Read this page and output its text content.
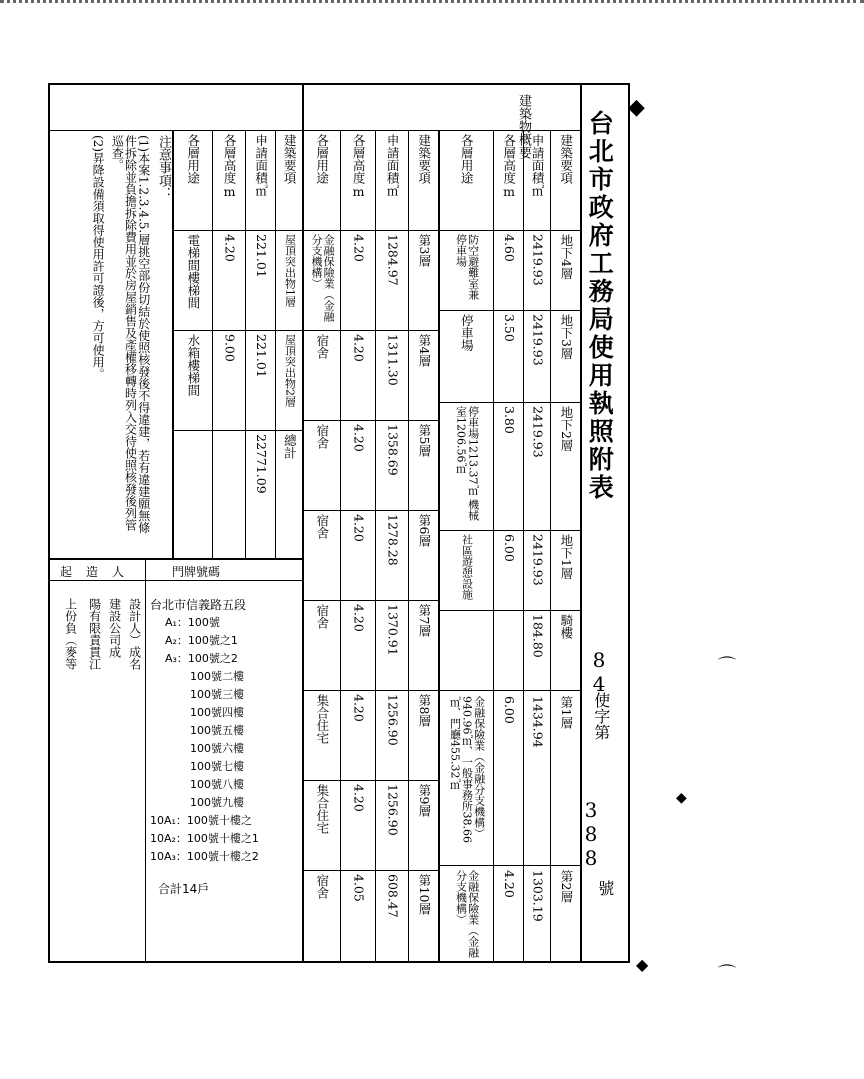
台北市政府工務局使用執照附表
84
使字第
388
號
建築物概要 建築要項
申請面積㎡
各層高度m
各層用途
地下4層
2419.93
4.60
防空避難室兼停車場
地下3層
2419.93
3.50
停車場
地下2層
2419.93
3.80
停車場1213.37㎡ 機械室1206.56㎡
地下1層
2419.93
6.00
社區遊憩設施
騎樓
184.80
第1層
1434.94
6.00
金融保險業（金融分支機構）940.96㎡、一般事務所38.66㎡、門廳455.32㎡
第2層
1303.19
4.20
金融保險業（金融分支機構）
建築要項
申請面積㎡
各層高度m
各層用途
第3層
1284.97
4.20
金融保險業（金融分支機構）
第4層
1311.30
4.20
宿舍
第5層
1358.69
4.20
宿舍
第6層
1278.28
4.20
宿舍
第7層
1370.91
4.20
宿舍
第8層
1256.90
4.20
集合住宅
第9層
1256.90
4.20
集合住宅
第10層
608.47
4.05
宿舍
建築要項
申請面積㎡
各層高度m
各層用途
屋頂突出物1層
221.01
4.20
電梯間樓梯間
屋頂突出物2層
221.01
9.00
水箱樓梯間
總計
22771.09
注意事項：
(1)本案1.2.3.4.5.層挑空部份切結於使照核發後不得違建，若有違建願無條件拆除並負擔拆除費用並於房屋銷售及產權移轉時列入交待使照核發後列管巡查。
(2)昇降設備須取得使用許可證後，方可使用。
門牌號碼
台北市信義路五段
A₁：100號
A₂：100號之1
A₃：100號之2
100號二樓
100號三樓
100號四樓
100號五樓
100號六樓
100號七樓
100號八樓
100號九樓
10A₁：100號十樓之
10A₂：100號十樓之1
10A₃：100號十樓之2
合計14戶
起造人
設計人）成名
建設公司成
陽有限責貫江
上份負（麥等
◆
◆
◆
⌒
⌒
